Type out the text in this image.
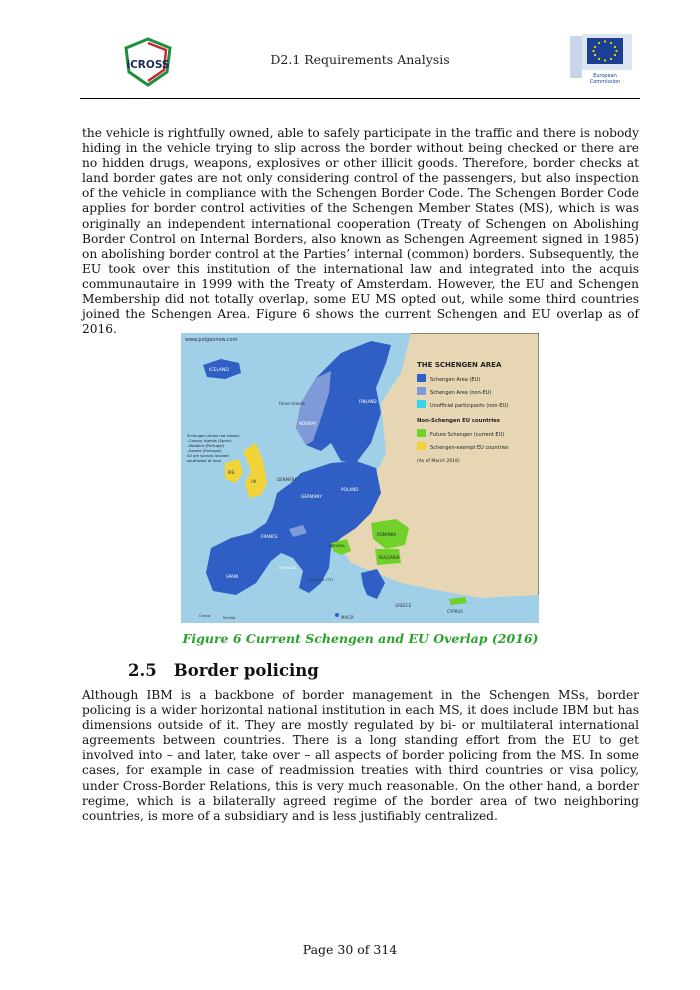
iCROSS	D2.1 Requirements Analysis
European
Commission
the vehicle is rightfully owned, able to safely participate in the traffic and there is nobody hiding in the vehicle trying to slip across the border without being checked or there are no hidden drugs, weapons, explosives or other illicit goods. Therefore, border checks at land border gates are not only considering control of the passengers, but also inspection of the vehicle in compliance with the Schengen Border Code. The Schengen Border Code applies for border control activities of the Schengen Member States (MS), which is was originally an independent international cooperation (Treaty of Schengen on Abolishing Border Control on Internal Borders, also known as Schengen Agreement signed in 1985) on abolishing border control at the Parties’ internal (common) borders. Subsequently, the EU took over this institution of the international law and integrated into the acquis communautaire in 1999 with the Treaty of Amsterdam. However, the EU and Schengen Membership did not totally overlap, some EU MS opted out, while some third countries joined the Schengen Area. Figure 6 shows the current Schengen and EU overlap as of 2016.
www.polgeonow.com
ICELAND
NORWAY
FINLAND
Faroe Islands
IRE.
UK
GERMANY
POLAND
FRANCE
SPAIN
DENMARK
MONACO
VATICAN CITY
CROATIA
ROMANIA
BULGARIA
GREECE
CYPRUS
MALTA
Ceuta	Melilla
Schengen zones not shown:
–Canary Islands (Spain)
–Madeira (Portugal)
–Azores (Portugal)
All are islands located
southwest of map
THE SCHENGEN AREA
Schengen Area (EU)
Schengen Area (non-EU)
Unofficial participants (non-EU)
Non-Schengen EU countries
Future Schengen (current EU)
Schengen-exempt EU countries
(As of March 2016)
Figure 6 Current Schengen and EU Overlap (2016)
2.5 Border policing
Although IBM is a backbone of border management in the Schengen MSs, border policing is a wider horizontal national institution in each MS, it does include IBM but has dimensions outside of it. They are mostly regulated by bi- or multilateral international agreements between countries. There is a long standing effort from the EU to get involved into – and later, take over – all aspects of border policing from the MS. In some cases, for example in case of readmission treaties with third countries or visa policy, under Cross-Border Relations, this is very much reasonable. On the other hand, a border regime, which is a bilaterally agreed regime of the border area of two neighboring countries, is more of a subsidiary and is less justifiably centralized.
Page 30 of 314
